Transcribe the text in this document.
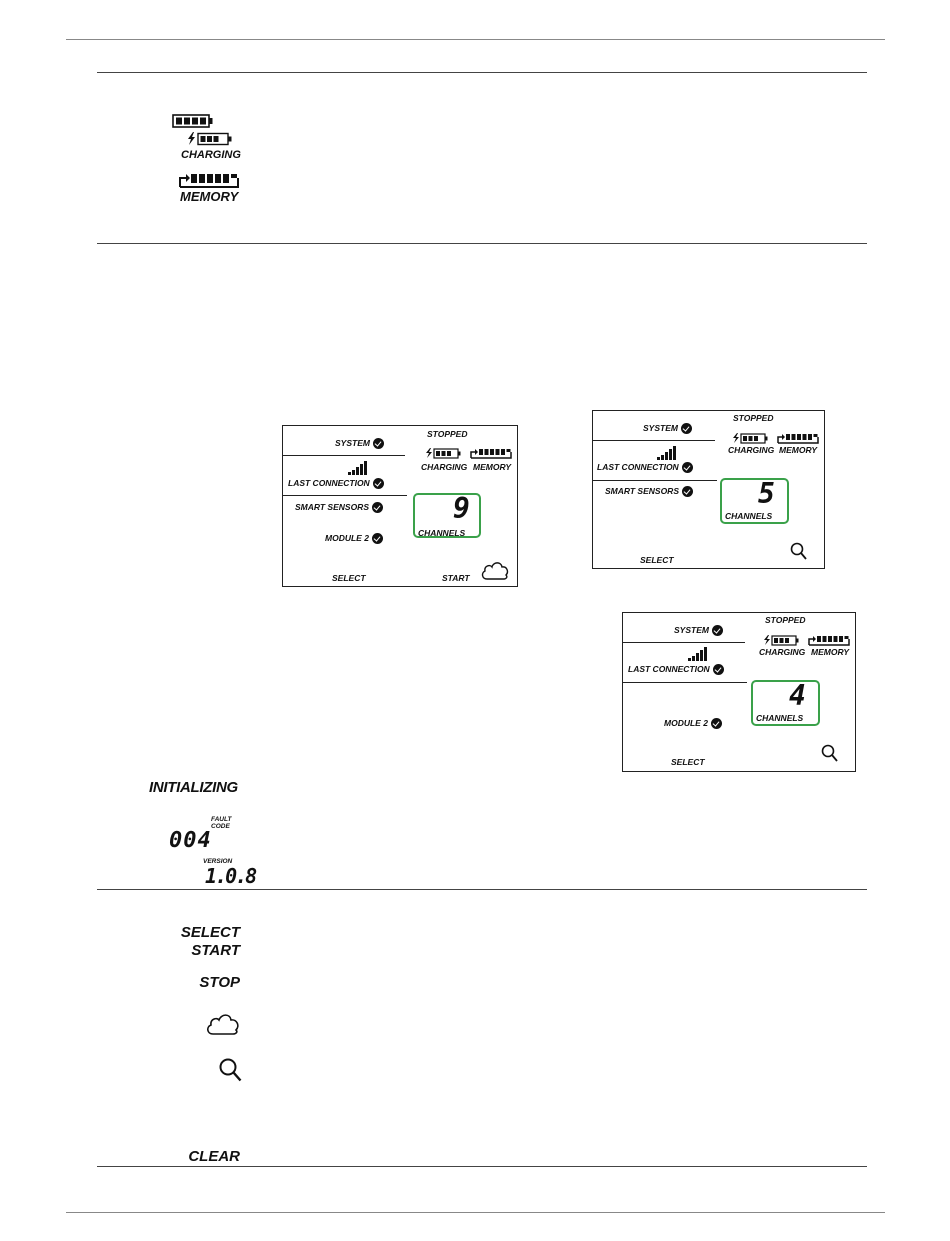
CHARGING
MEMORY
STOPPED
SYSTEM
LAST CONNECTION
SMART SENSORS
MODULE 2
CHARGING MEMORY
9
CHANNELS
SELECT	START
STOPPED
SYSTEM
LAST CONNECTION
SMART SENSORS
CHARGING MEMORY
5
CHANNELS
SELECT
STOPPED
SYSTEM
LAST CONNECTION
MODULE 2
CHARGING MEMORY
4
CHANNELS
SELECT
INITIALIZING
FAULT CODE
004
VERSION
1.0.8
SELECT
START
STOP
CLEAR
